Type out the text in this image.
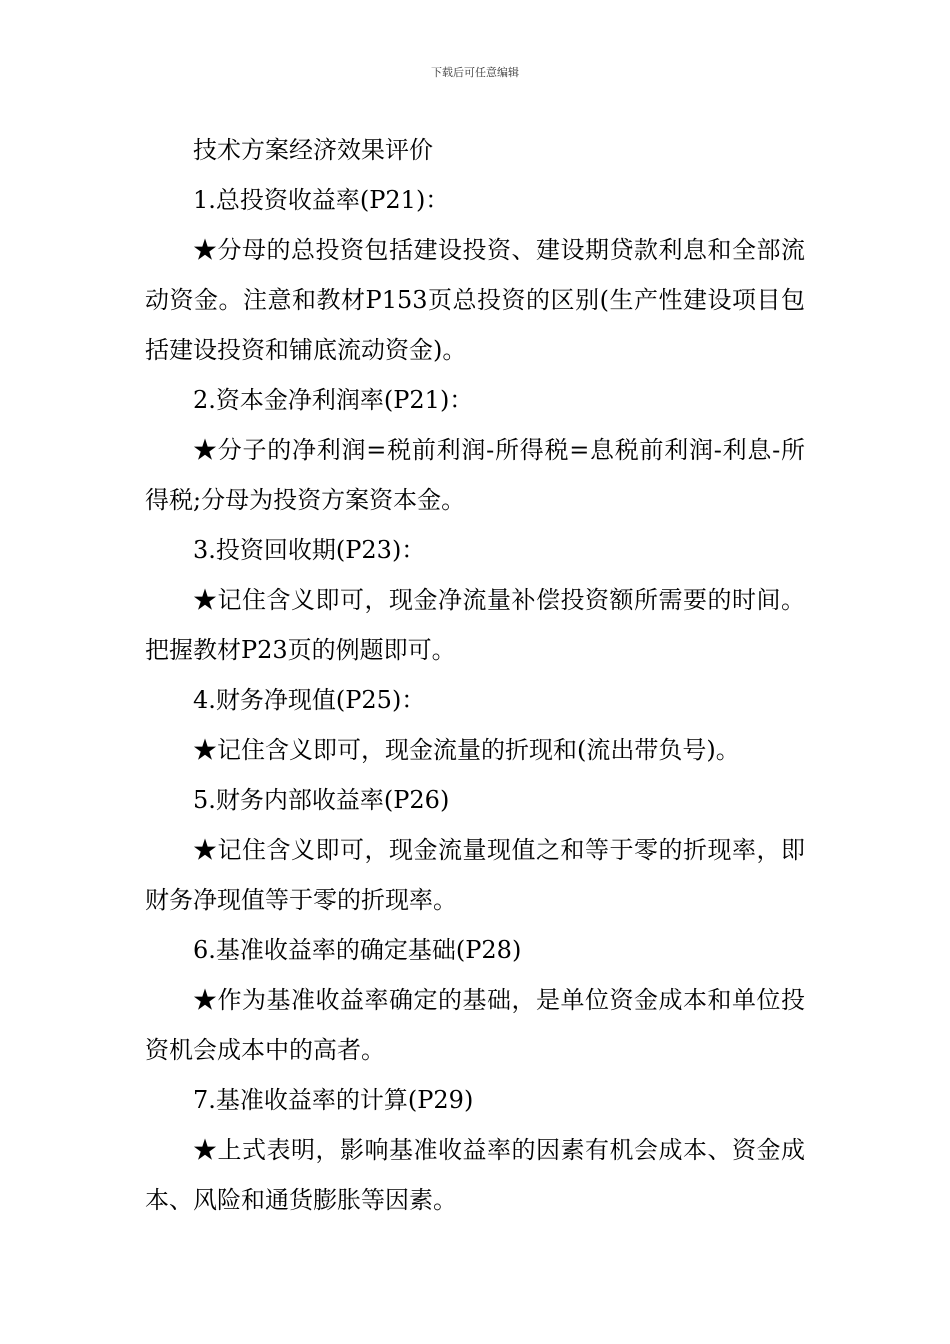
下载后可任意编辑

技术方案经济效果评价

1.总投资收益率(P21)：

★分母的总投资包括建设投资、建设期贷款利息和全部流动资金。注意和教材P153页总投资的区别(生产性建设项目包括建设投资和铺底流动资金)。

2.资本金净利润率(P21)：

★分子的净利润=税前利润-所得税=息税前利润-利息-所得税;分母为投资方案资本金。

3.投资回收期(P23)：

★记住含义即可，现金净流量补偿投资额所需要的时间。把握教材P23页的例题即可。

4.财务净现值(P25)：

★记住含义即可，现金流量的折现和(流出带负号)。

5.财务内部收益率(P26)

★记住含义即可，现金流量现值之和等于零的折现率，即财务净现值等于零的折现率。

6.基准收益率的确定基础(P28)

★作为基准收益率确定的基础，是单位资金成本和单位投资机会成本中的高者。

7.基准收益率的计算(P29)

★上式表明，影响基准收益率的因素有机会成本、资金成本、风险和通货膨胀等因素。
